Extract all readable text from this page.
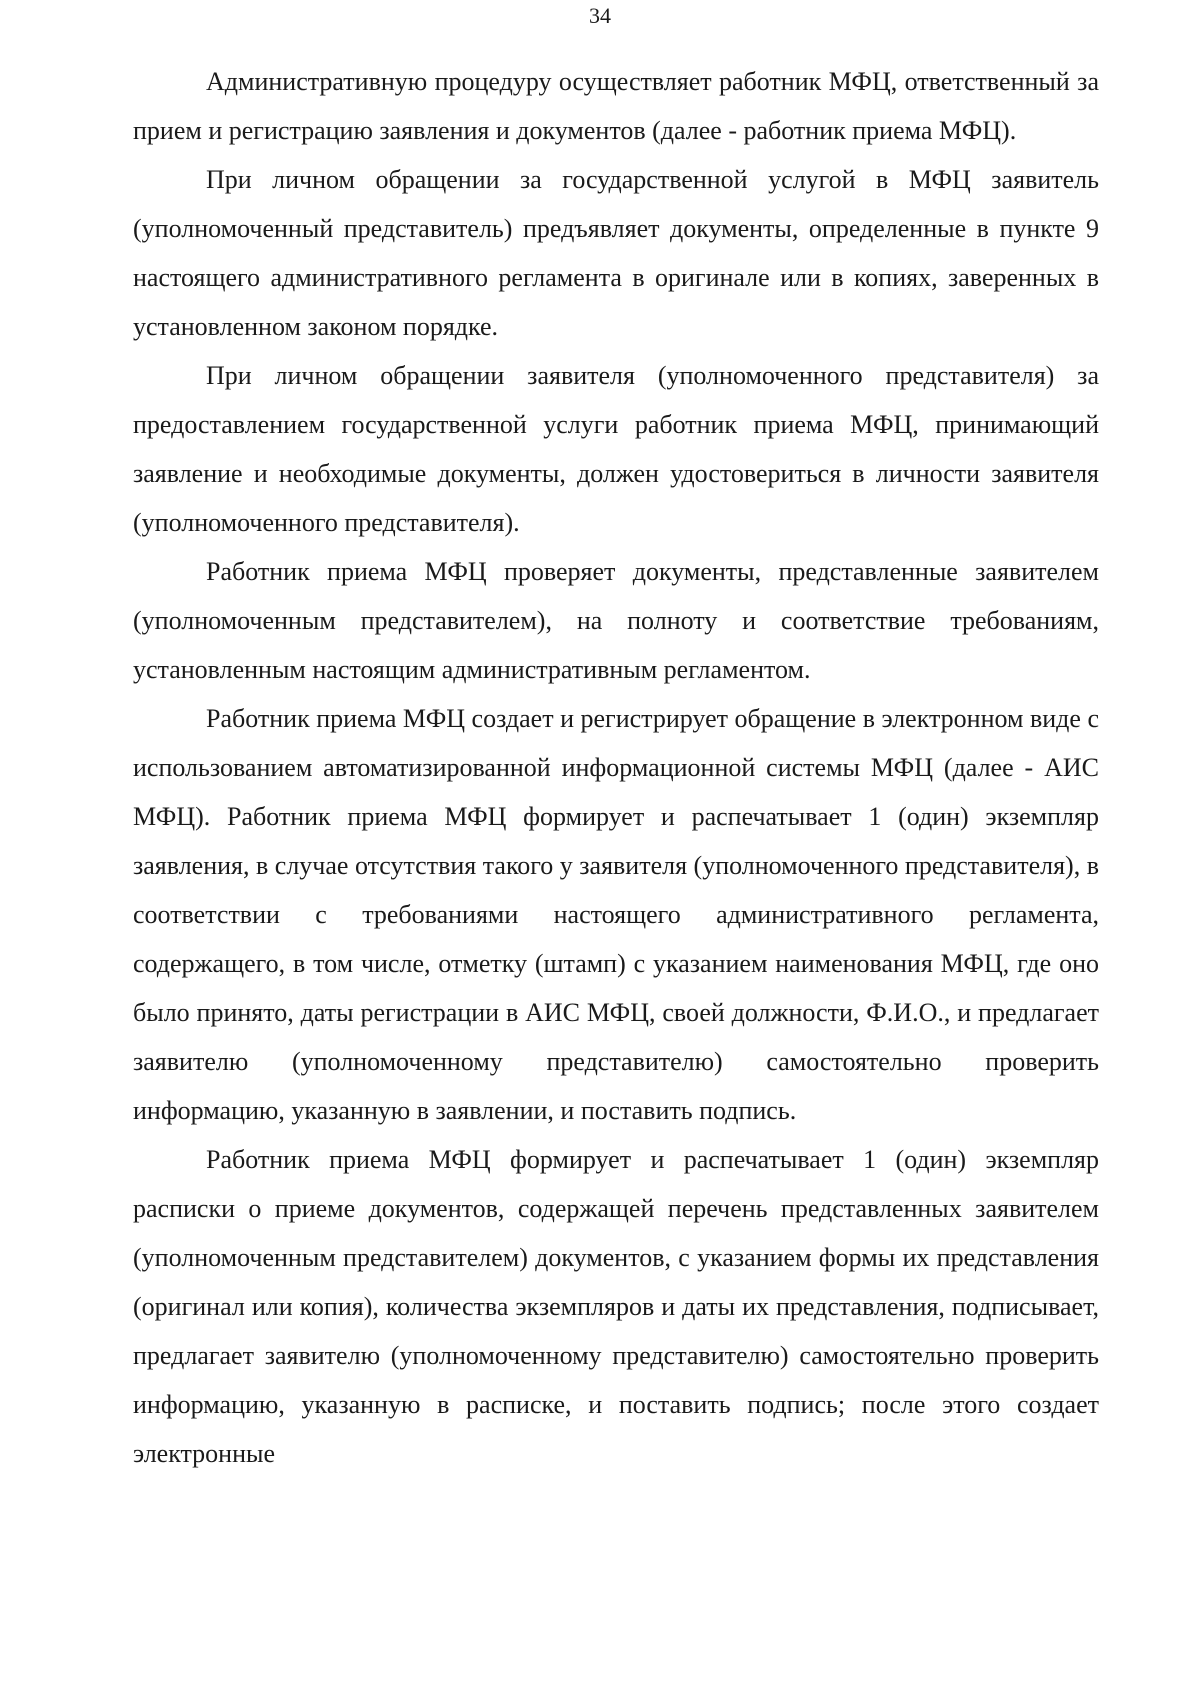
34

Административную процедуру осуществляет работник МФЦ, ответственный за прием и регистрацию заявления и документов (далее - работник приема МФЦ).

При личном обращении за государственной услугой в МФЦ заявитель (уполномоченный представитель) предъявляет документы, определенные в пункте 9 настоящего административного регламента в оригинале или в копиях, заверенных в установленном законом порядке.

При личном обращении заявителя (уполномоченного представителя) за предоставлением государственной услуги работник приема МФЦ, принимающий заявление и необходимые документы, должен удостовериться в личности заявителя (уполномоченного представителя).

Работник приема МФЦ проверяет документы, представленные заявителем (уполномоченным представителем), на полноту и соответствие требованиям, установленным настоящим административным регламентом.

Работник приема МФЦ создает и регистрирует обращение в электронном виде с использованием автоматизированной информационной системы МФЦ (далее - АИС МФЦ). Работник приема МФЦ формирует и распечатывает 1 (один) экземпляр заявления, в случае отсутствия такого у заявителя (уполномоченного представителя), в соответствии с требованиями настоящего административного регламента, содержащего, в том числе, отметку (штамп) с указанием наименования МФЦ, где оно было принято, даты регистрации в АИС МФЦ, своей должности, Ф.И.О., и предлагает заявителю (уполномоченному представителю) самостоятельно проверить информацию, указанную в заявлении, и поставить подпись.

Работник приема МФЦ формирует и распечатывает 1 (один) экземпляр расписки о приеме документов, содержащей перечень представленных заявителем (уполномоченным представителем) документов, с указанием формы их представления (оригинал или копия), количества экземпляров и даты их представления, подписывает, предлагает заявителю (уполномоченному представителю) самостоятельно проверить информацию, указанную в расписке, и поставить подпись; после этого создает электронные
